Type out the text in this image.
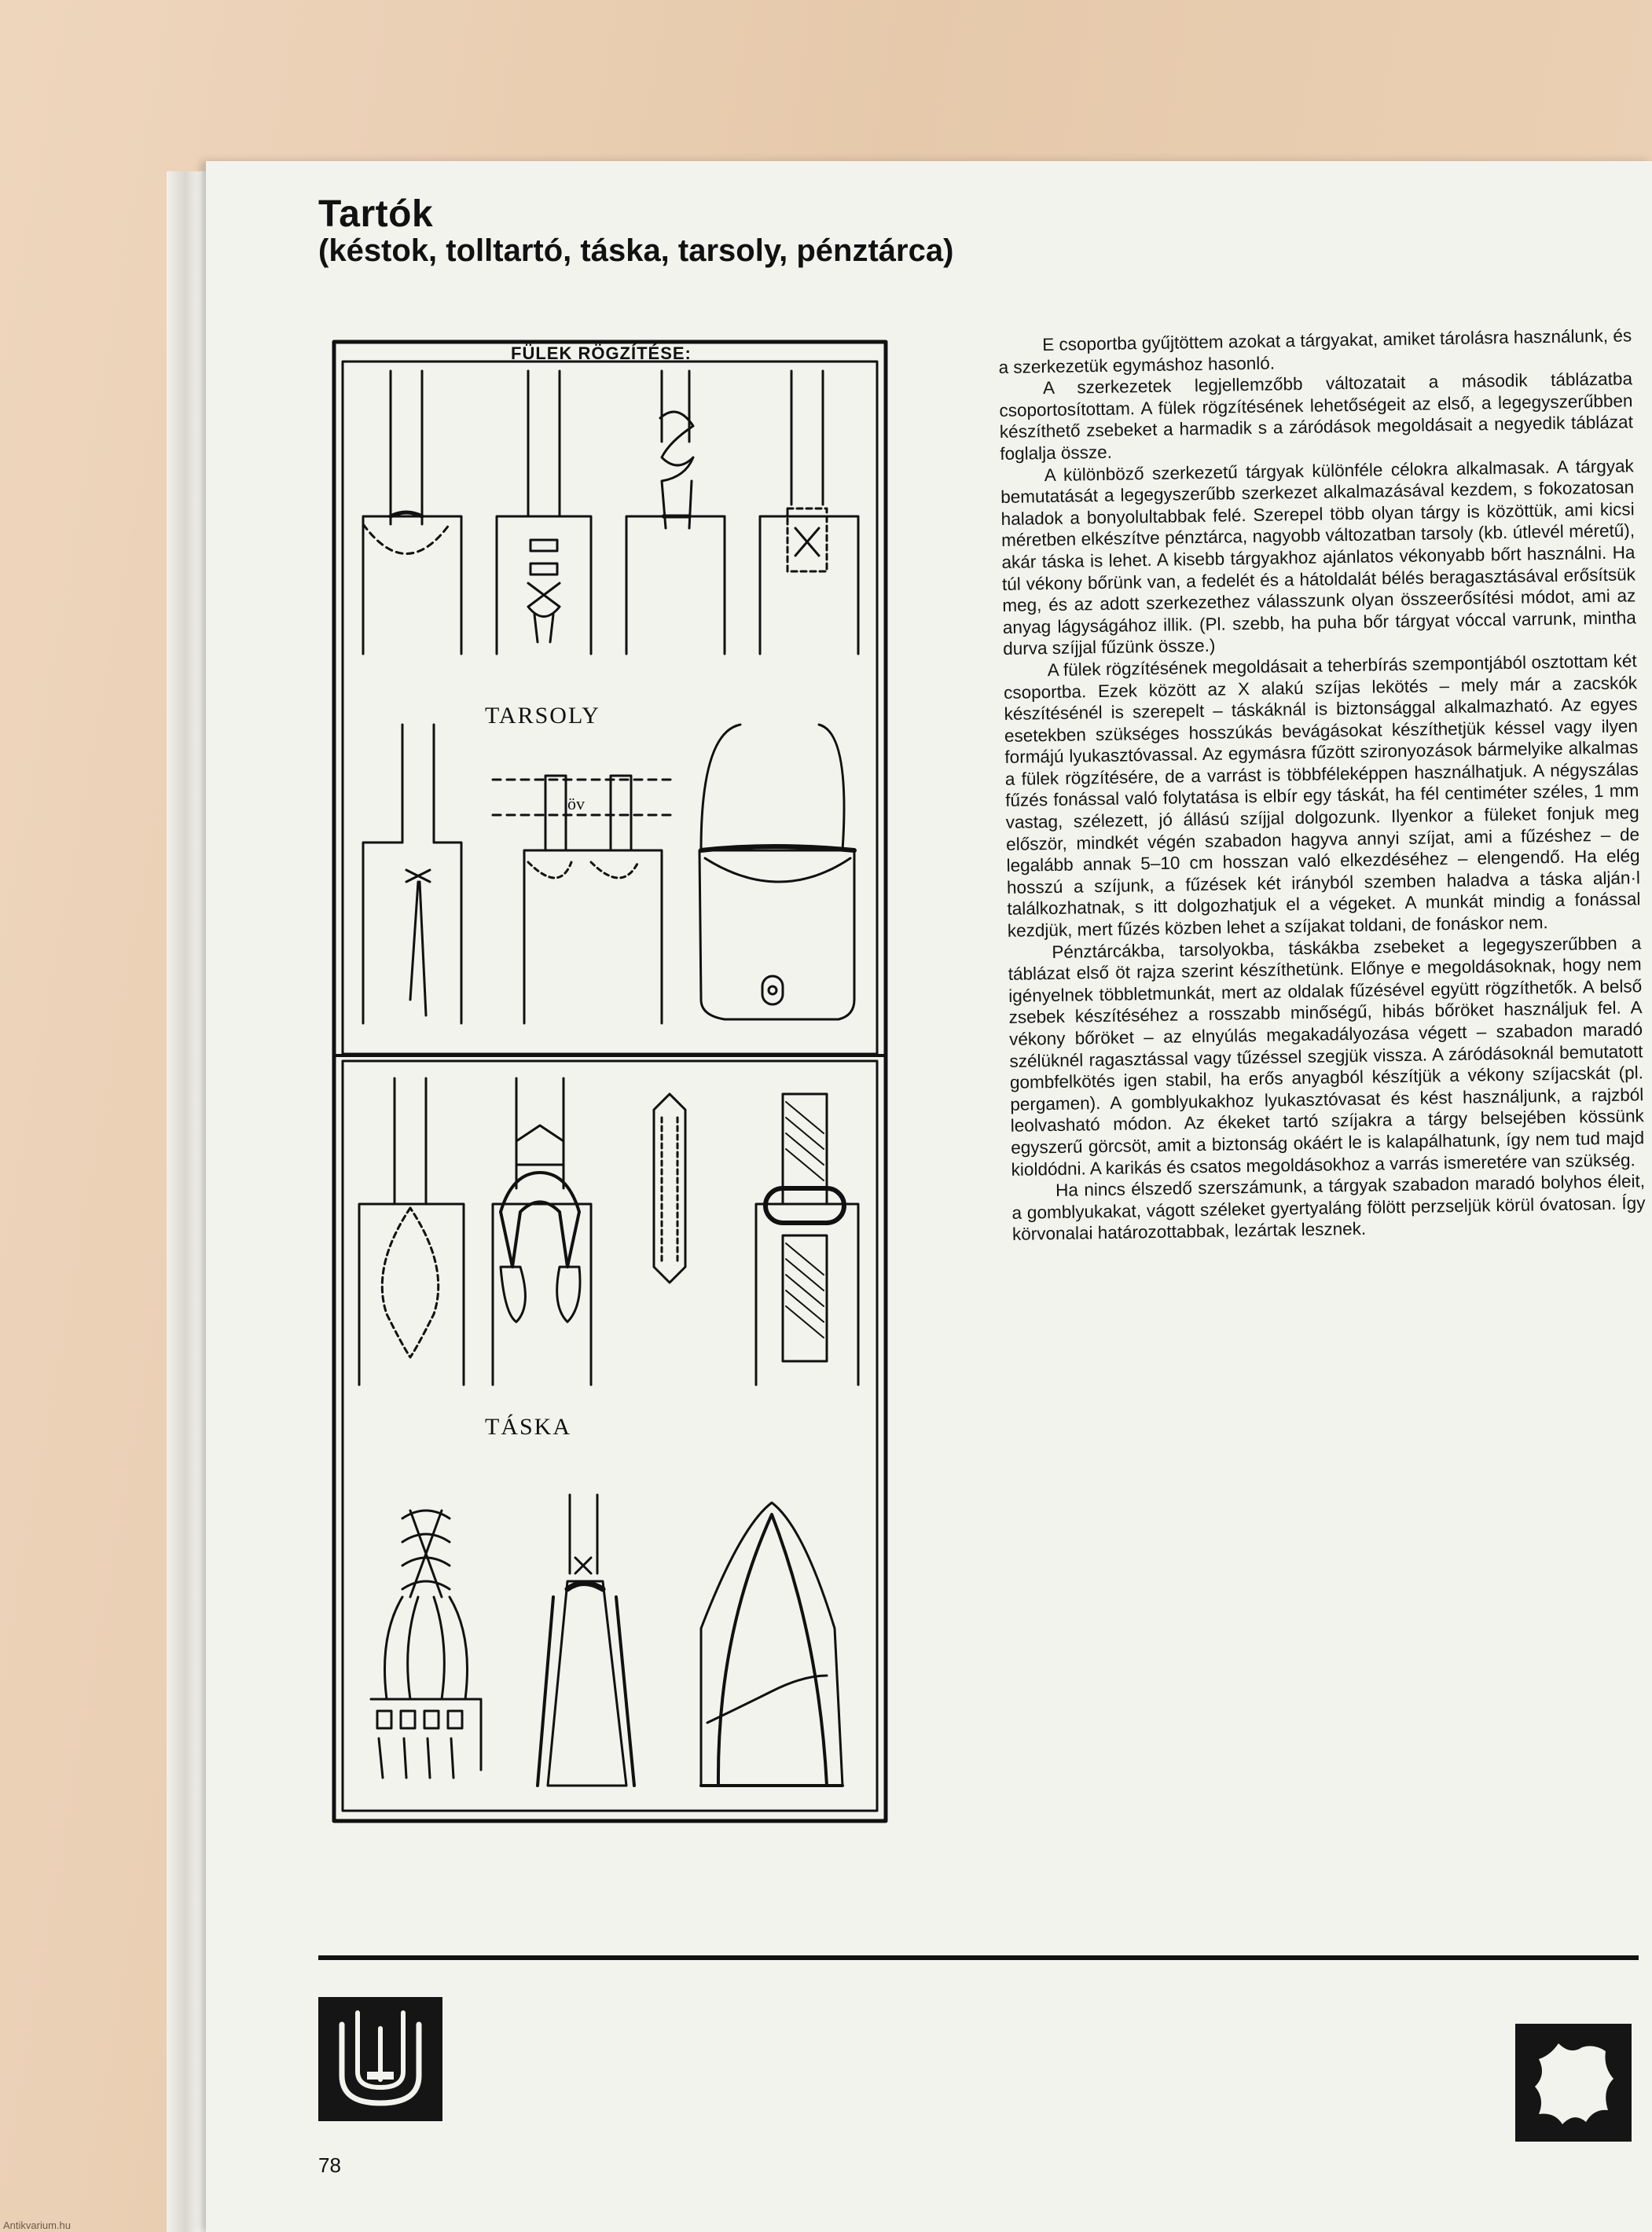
Tartók
(késtok, tolltartó, táska, tarsoly, pénztárca)
FÜLEK RÖGZÍTÉSE:
TARSOLY
öv
TÁSKA

E csoportba gyűjtöttem azokat a tárgyakat, amiket tárolásra használunk, és a szerkezetük egymáshoz hasonló.

A szerkezetek legjellemzőbb változatait a második táblázatba csoportosítottam. A fülek rögzítésének lehetőségeit az első, a legegyszerűbben készíthető zsebeket a harmadik s a záródások megoldásait a negyedik táblázat foglalja össze.

A különböző szerkezetű tárgyak különféle célokra alkalmasak. A tárgyak bemutatását a legegyszerűbb szerkezet alkalmazásával kezdem, s fokozatosan haladok a bonyolultabbak felé. Szerepel több olyan tárgy is közöttük, ami kicsi méretben elkészítve pénztárca, nagyobb változatban tarsoly (kb. útlevél méretű), akár táska is lehet. A kisebb tárgyakhoz ajánlatos vékonyabb bőrt használni. Ha túl vékony bőrünk van, a fedelét és a hátoldalát bélés beragasztásával erősítsük meg, és az adott szerkezethez válasszunk olyan összeerősítési módot, ami az anyag lágyságához illik. (Pl. szebb, ha puha bőr tárgyat vóccal varrunk, mintha durva szíjjal fűzünk össze.)

A fülek rögzítésének megoldásait a teherbírás szempontjából osztottam két csoportba. Ezek között az X alakú szíjas lekötés – mely már a zacskók készítésénél is szerepelt – táskáknál is biztonsággal alkalmazható. Az egyes esetekben szükséges hosszúkás bevágásokat készíthetjük késsel vagy ilyen formájú lyukasztóvassal. Az egymásra fűzött szironyozások bármelyike alkalmas a fülek rögzítésére, de a varrást is többféleképpen használhatjuk. A négyszálas fűzés fonással való folytatása is elbír egy táskát, ha fél centiméter széles, 1 mm vastag, szélezett, jó állású szíjjal dolgozunk. Ilyenkor a füleket fonjuk meg először, mindkét végén szabadon hagyva annyi szíjat, ami a fűzéshez – de legalább annak 5–10 cm hosszan való elkezdéséhez – elengendő. Ha elég hosszú a szíjunk, a fűzések két irányból szemben haladva a táska alján·l találkozhatnak, s itt dolgozhatjuk el a végeket. A munkát mindig a fonással kezdjük, mert fűzés közben lehet a szíjakat toldani, de fonáskor nem.

Pénztárcákba, tarsolyokba, táskákba zsebeket a legegyszerűbben a táblázat első öt rajza szerint készíthetünk. Előnye e megoldásoknak, hogy nem igényelnek többletmunkát, mert az oldalak fűzésével együtt rögzíthetők. A belső zsebek készítéséhez a rosszabb minőségű, hibás bőröket használjuk fel. A vékony bőröket – az elnyúlás megakadályozása végett – szabadon maradó szélüknél ragasztással vagy tűzéssel szegjük vissza. A záródásoknál bemutatott gombfelkötés igen stabil, ha erős anyagból készítjük a vékony szíjacskát (pl. pergamen). A gomblyukakhoz lyukasztóvasat és kést használjunk, a rajzból leolvasható módon. Az ékeket tartó szíjakra a tárgy belsejében kössünk egyszerű görcsöt, amit a biztonság okáért le is kalapálhatunk, így nem tud majd kioldódni. A karikás és csatos megoldásokhoz a varrás ismeretére van szükség.

Ha nincs élszedő szerszámunk, a tárgyak szabadon maradó bolyhos éleit, a gomblyukakat, vágott széleket gyertyaláng fölött perzseljük körül óvatosan. Így körvonalai határozottabbak, lezártak lesznek.

78
Antikvarium.hu
